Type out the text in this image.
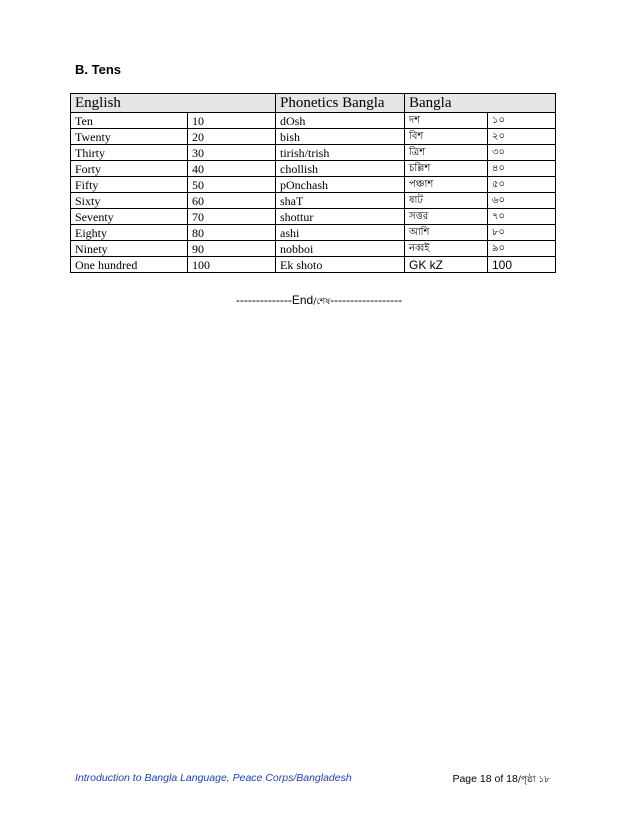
B. Tens
English		Phonetics Bangla	Bangla	
Ten	10	dOsh	দশ	১০
Twenty	20	bish	বিশ	২০
Thirty	30	tirish/trish	ত্রিশ	৩০
Forty	40	chollish	চল্লিশ	৪০
Fifty	50	pOnchash	পঞ্চাশ	৫০
Sixty	60	shaT	ষাট	৬০
Seventy	70	shottur	সত্তর	৭০
Eighty	80	ashi	আশি	৮০
Ninety	90	nobboi	নব্বই	৯০
One hundred	100	Ek shoto	GK kZ	100
--------------End/শেষ------------------
Introduction to Bangla Language, Peace Corps/Bangladesh	Page 18 of 18/পৃষ্ঠা ১৮
